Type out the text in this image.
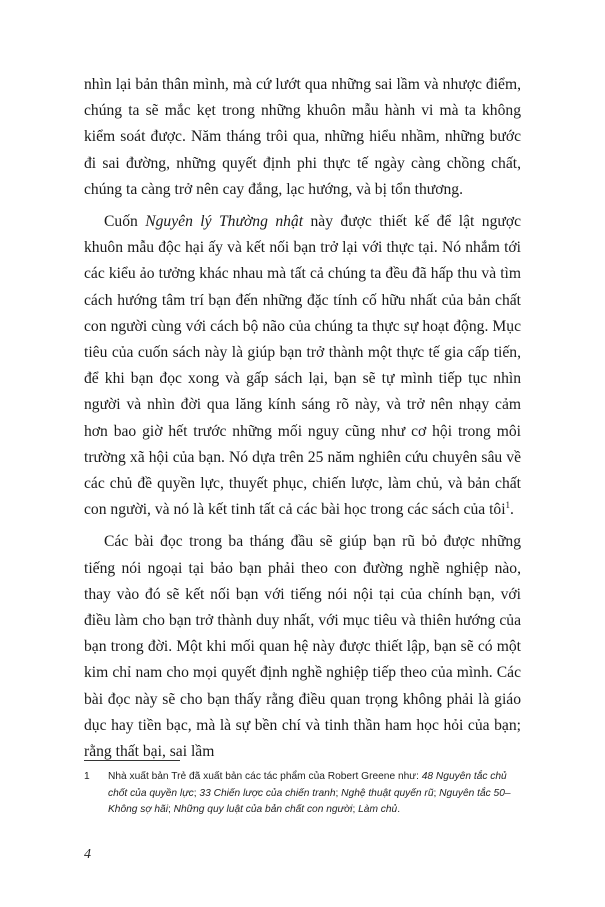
nhìn lại bản thân mình, mà cứ lướt qua những sai lầm và nhược điểm, chúng ta sẽ mắc kẹt trong những khuôn mẫu hành vi mà ta không kiểm soát được. Năm tháng trôi qua, những hiểu nhầm, những bước đi sai đường, những quyết định phi thực tế ngày càng chồng chất, chúng ta càng trở nên cay đắng, lạc hướng, và bị tổn thương.

Cuốn Nguyên lý Thường nhật này được thiết kế để lật ngược khuôn mẫu độc hại ấy và kết nối bạn trở lại với thực tại. Nó nhắm tới các kiểu ảo tưởng khác nhau mà tất cả chúng ta đều đã hấp thu và tìm cách hướng tâm trí bạn đến những đặc tính cố hữu nhất của bản chất con người cùng với cách bộ não của chúng ta thực sự hoạt động. Mục tiêu của cuốn sách này là giúp bạn trở thành một thực tế gia cấp tiến, để khi bạn đọc xong và gấp sách lại, bạn sẽ tự mình tiếp tục nhìn người và nhìn đời qua lăng kính sáng rõ này, và trở nên nhạy cảm hơn bao giờ hết trước những mối nguy cũng như cơ hội trong môi trường xã hội của bạn. Nó dựa trên 25 năm nghiên cứu chuyên sâu về các chủ đề quyền lực, thuyết phục, chiến lược, làm chủ, và bản chất con người, và nó là kết tinh tất cả các bài học trong các sách của tôi$^1$.

Các bài đọc trong ba tháng đầu sẽ giúp bạn rũ bỏ được những tiếng nói ngoại tại bảo bạn phải theo con đường nghề nghiệp nào, thay vào đó sẽ kết nối bạn với tiếng nói nội tại của chính bạn, với điều làm cho bạn trở thành duy nhất, với mục tiêu và thiên hướng của bạn trong đời. Một khi mối quan hệ này được thiết lập, bạn sẽ có một kim chỉ nam cho mọi quyết định nghề nghiệp tiếp theo của mình. Các bài đọc này sẽ cho bạn thấy rằng điều quan trọng không phải là giáo dục hay tiền bạc, mà là sự bền chí và tinh thần ham học hỏi của bạn; rằng thất bại, sai lầm

1	Nhà xuất bản Trẻ đã xuất bản các tác phẩm của Robert Greene như: 48 Nguyên tắc chủ chốt của quyền lực; 33 Chiến lược của chiến tranh; Nghệ thuật quyến rũ; Nguyên tắc 50–Không sợ hãi; Những quy luật của bản chất con người; Làm chủ.
4
